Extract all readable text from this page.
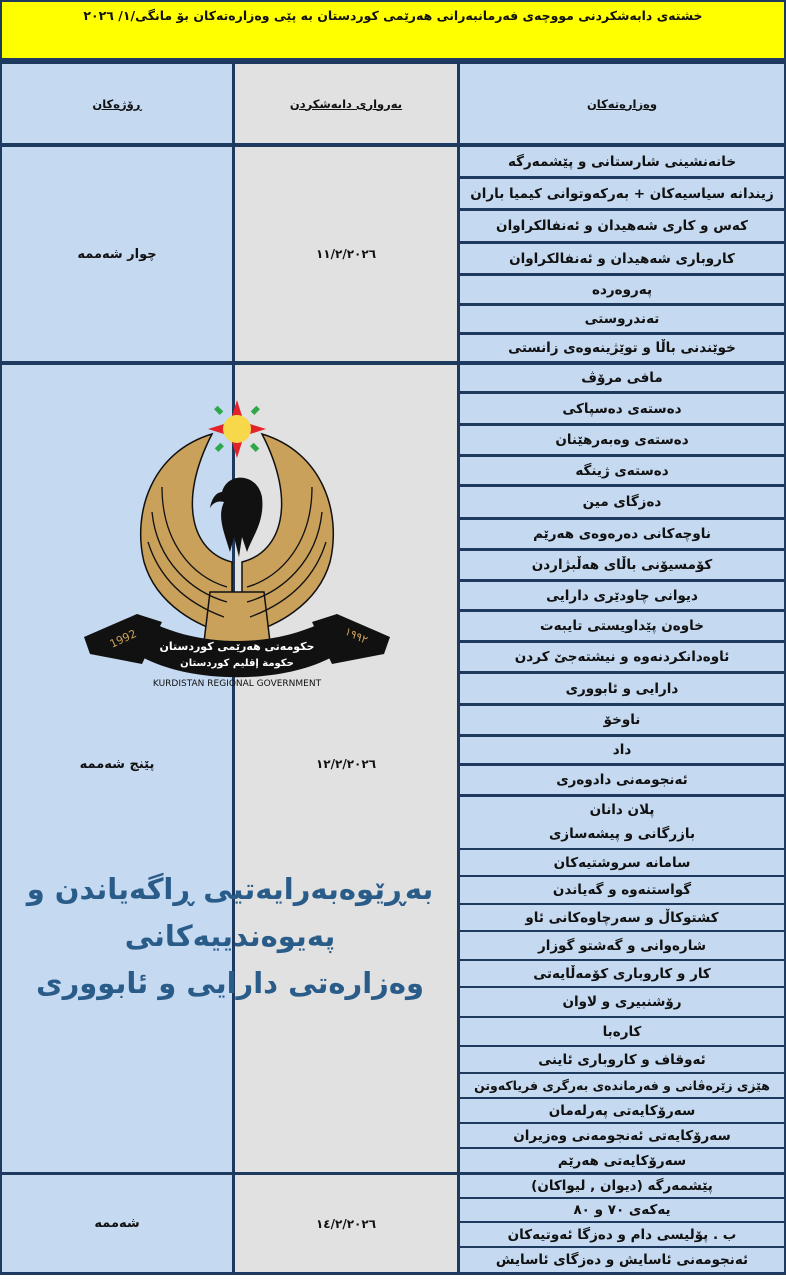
خشتەی دابەشکردنی مووچەی فەرمانبەرانی هەرێمی کوردستان بە پێی وەزارەتەکان بۆ مانگی/١/ ٢٠٢٦
ڕۆژەکان	بەرواری دابەشکردن	وەزارەتەکان
چوار شەممە	١١/٢/٢٠٢٦
خانەنشینی شارستانی و پێشمەرگە
زیندانە سیاسیەکان + بەرکەوتوانی کیمیا باران
کەس و کاری شەهیدان و ئەنفالکراوان
کاروباری شەهیدان و ئەنفالکراوان
پەروەردە
تەندروستی
خوێندنی باڵا و توێژینەوەی زانستی
پێنج شەممە	١٢/٢/٢٠٢٦
مافی مرۆڤ
دەستەی دەسپاکی
دەستەی وەبەرهێنان
دەستەی ژینگە
دەزگای مین
ناوچەکانی دەرەوەی هەرێم
کۆمسیۆنی باڵای هەڵبژاردن
دیوانی چاودێری دارایی
خاوەن پێداویستی تایبەت
ئاوەدانکردنەوە و نیشتەجێ کردن
دارایی و ئابووری
ناوخۆ
داد
ئەنجومەنی دادوەری
پلان دانان
بازرگانی و پیشەسازی
سامانە سروشتیەکان
گواستنەوە و گەیاندن
کشتوکاڵ و سەرچاوەکانی ئاو
شارەوانی و گەشتو گوزار
کار و کاروباری کۆمەڵایەتی
رۆشنبیری و لاوان
کارەبا
ئەوقاف و کاروباری ئاینی
هێزی زێرەڤانی و فەرماندەی بەرگری فریاکەوتن
سەرۆکایەتی پەرلەمان
سەرۆکایەتی ئەنجومەنی وەزیران
سەرۆکایەتی هەرێم
شەممە	١٤/٢/٢٠٢٦
پێشمەرگە (دیوان , لیواکان)
یەکەی ٧٠ و ٨٠
ب . پۆلیسی دام و دەزگا ئەوتیەکان
ئەنجومەنی ئاسایش و دەزگای ئاسایش
1992	١٩٩٢
حکومەتی هەرێمی کوردستان
حكومة إقليم كوردستان
KURDISTAN REGIONAL GOVERNMENT
بەڕێوەبەرایەتیی ڕاگەیاندن و
پەیوەندییەکانی
وەزارەتی دارایی و ئابووری
